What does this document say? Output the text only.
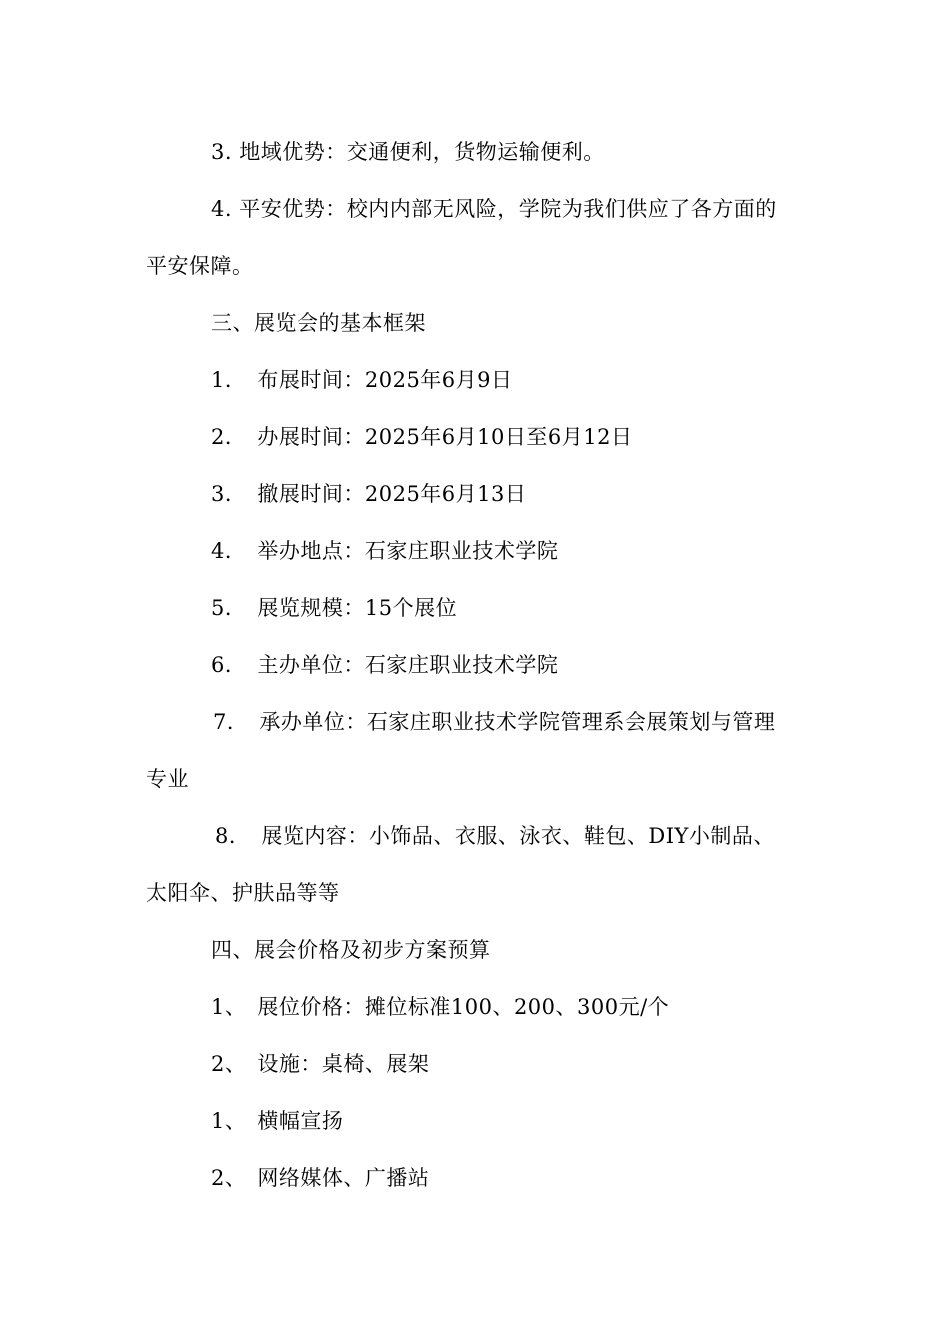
3. 地域优势：交通便利，货物运输便利。
4. 平安优势：校内内部无风险，学院为我们供应了各方面的
平安保障。
三、展览会的基本框架
1．　布展时间：2025年6月9日
2．　办展时间：2025年6月10日至6月12日
3．　撤展时间：2025年6月13日
4．　举办地点：石家庄职业技术学院
5．　展览规模：15个展位
6．　主办单位：石家庄职业技术学院
7．　承办单位：石家庄职业技术学院管理系会展策划与管理
专业
8．　展览内容：小饰品、衣服、泳衣、鞋包、DIY小制品、
太阳伞、护肤品等等
四、展会价格及初步方案预算
1、　展位价格：摊位标准100、200、300元/个
2、　设施：桌椅、展架
1、　横幅宣扬
2、　网络媒体、广播站
